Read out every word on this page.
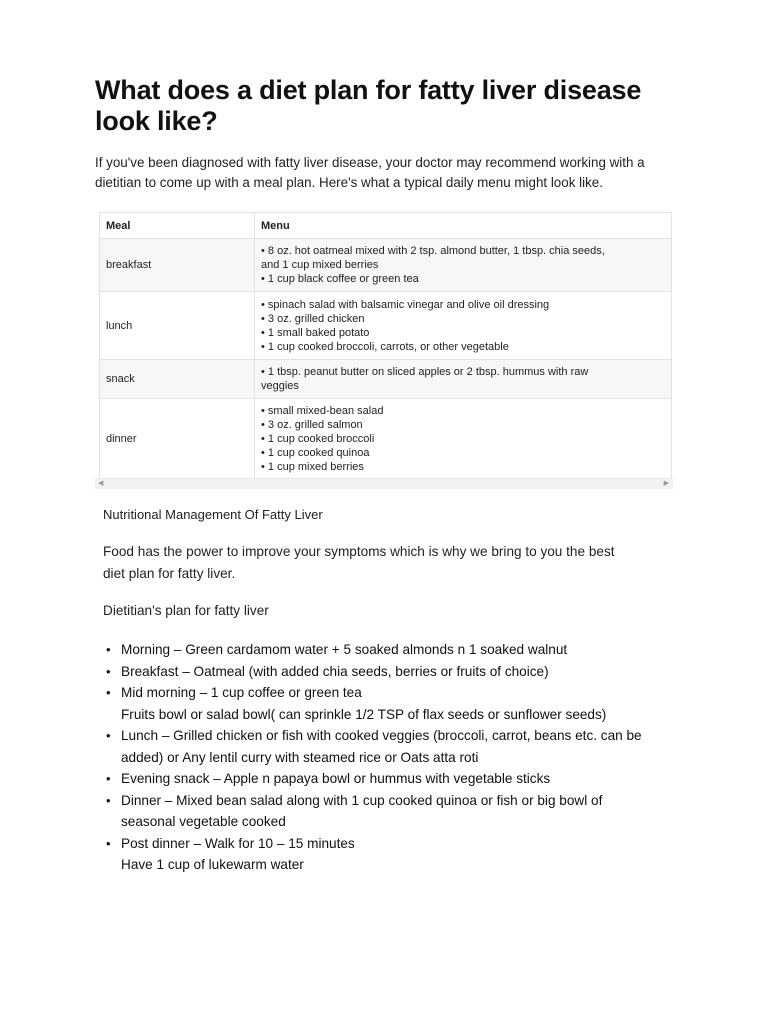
What does a diet plan for fatty liver disease
look like?

If you've been diagnosed with fatty liver disease, your doctor may recommend working with a dietitian to come up with a meal plan. Here's what a typical daily menu might look like.

Meal	Menu
breakfast	• 8 oz. hot oatmeal mixed with 2 tsp. almond butter, 1 tbsp. chia seeds,
and 1 cup mixed berries
• 1 cup black coffee or green tea

lunch	• spinach salad with balsamic vinegar and olive oil dressing
• 3 oz. grilled chicken
• 1 small baked potato
• 1 cup cooked broccoli, carrots, or other vegetable

snack	• 1 tbsp. peanut butter on sliced apples or 2 tbsp. hummus with raw
veggies

dinner	• small mixed-bean salad
• 3 oz. grilled salmon
• 1 cup cooked broccoli
• 1 cup cooked quinoa
• 1 cup mixed berries
◀	▶
Nutritional Management Of Fatty Liver

Food has the power to improve your symptoms which is why we bring to you the best
diet plan for fatty liver.

Dietitian's plan for fatty liver

• Morning – Green cardamom water + 5 soaked almonds n 1 soaked walnut
• Breakfast – Oatmeal (with added chia seeds, berries or fruits of choice)
• Mid morning – 1 cup coffee or green tea
Fruits bowl or salad bowl( can sprinkle 1/2 TSP of flax seeds or sunflower seeds)
• Lunch – Grilled chicken or fish with cooked veggies (broccoli, carrot, beans etc. can be
added) or Any lentil curry with steamed rice or Oats atta roti
• Evening snack – Apple n papaya bowl or hummus with vegetable sticks
• Dinner – Mixed bean salad along with 1 cup cooked quinoa or fish or big bowl of
seasonal vegetable cooked
• Post dinner – Walk for 10 – 15 minutes
Have 1 cup of lukewarm water
